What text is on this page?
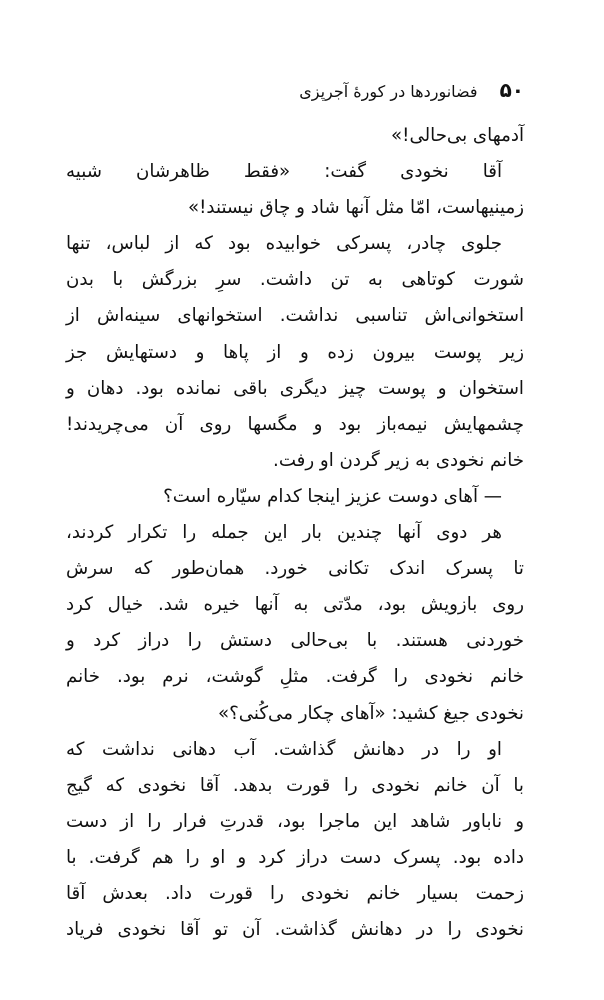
۵۰
فضانوردها در کورهٔ آجرپزی
آدمهای بی‌حالی!»
آقا نخودی گفت: «فقط ظاهرشان شبیه
زمینیهاست، امّا مثل آنها شاد و چاق نیستند!»
جلوی چادر، پسرکی خوابیده بود که از لباس، تنها
شورت کوتاهی به تن داشت. سرِ بزرگش با بدن
استخوانی‌اش تناسبی نداشت. استخوانهای سینه‌اش از
زیر پوست بیرون زده و از پاها و دستهایش جز
استخوان و پوست چیز دیگری باقی نمانده بود. دهان و
چشمهایش نیمه‌باز بود و مگسها روی آن می‌چریدند!
خانم نخودی به زیر گردن او رفت.
— آهای دوست عزیز اینجا کدام سیّاره است؟
هر دوی آنها چندین بار این جمله را تکرار کردند،
تا پسرک اندک تکانی خورد. همان‌طور که سرش
روی بازویش بود، مدّتی به آنها خیره شد. خیال کرد
خوردنی هستند. با بی‌حالی دستش را دراز کرد و
خانم نخودی را گرفت. مثلِ گوشت، نرم بود. خانم
نخودی جیغ کشید: «آهای چکار می‌کُنی؟»
او را در دهانش گذاشت. آب دهانی نداشت که
با آن خانم نخودی را قورت بدهد. آقا نخودی که گیج
و ناباور شاهد این ماجرا بود، قدرتِ فرار را از دست
داده بود. پسرک دست دراز کرد و او را هم گرفت. با
زحمت بسیار خانم نخودی را قورت داد. بعدش آقا
نخودی را در دهانش گذاشت. آن تو آقا نخودی فریاد
